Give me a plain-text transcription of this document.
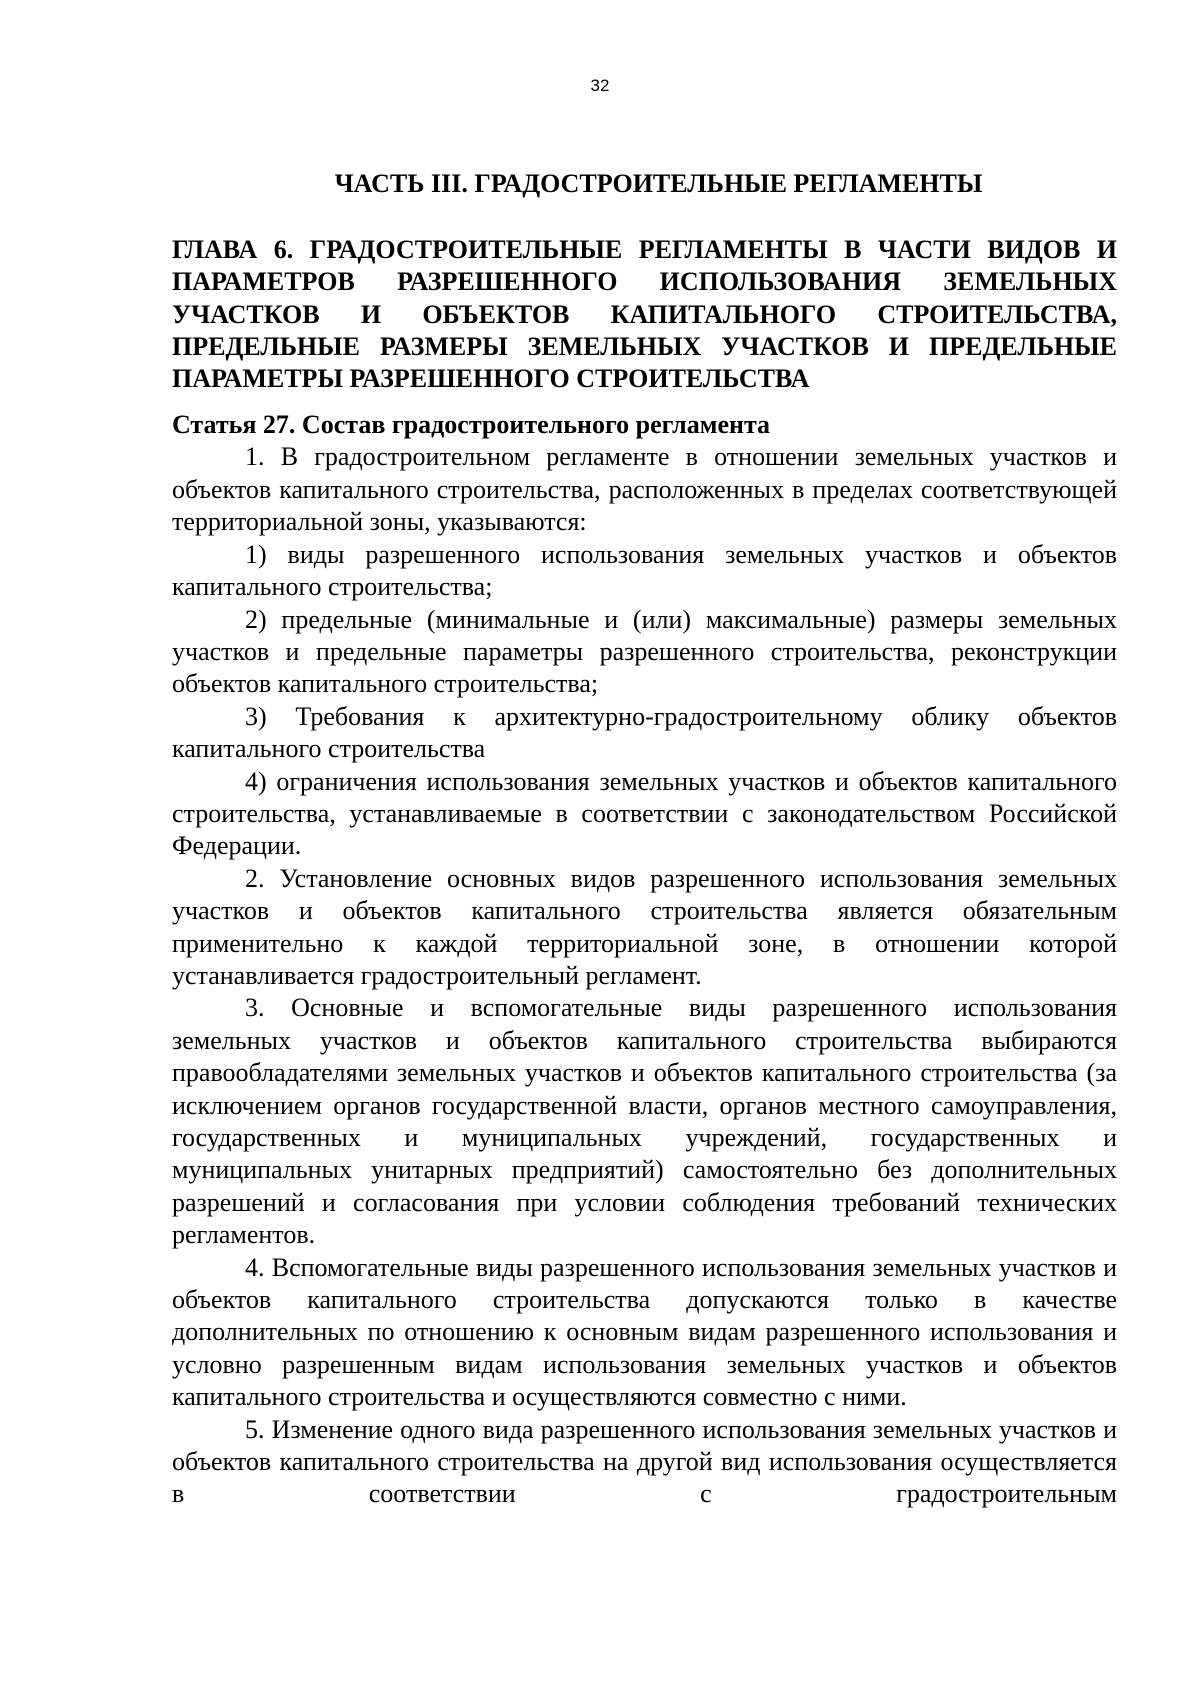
32
ЧАСТЬ III. ГРАДОСТРОИТЕЛЬНЫЕ РЕГЛАМЕНТЫ
ГЛАВА 6. ГРАДОСТРОИТЕЛЬНЫЕ РЕГЛАМЕНТЫ В ЧАСТИ ВИДОВ И ПАРАМЕТРОВ РАЗРЕШЕННОГО ИСПОЛЬЗОВАНИЯ ЗЕМЕЛЬНЫХ УЧАСТКОВ И ОБЪЕКТОВ КАПИТАЛЬНОГО СТРОИТЕЛЬСТВА, ПРЕДЕЛЬНЫЕ РАЗМЕРЫ ЗЕМЕЛЬНЫХ УЧАСТКОВ И ПРЕДЕЛЬНЫЕ ПАРАМЕТРЫ РАЗРЕШЕННОГО СТРОИТЕЛЬСТВА
Статья 27. Состав градостроительного регламента

1. В градостроительном регламенте в отношении земельных участков и объектов капитального строительства, расположенных в пределах соответствующей территориальной зоны, указываются:

1) виды разрешенного использования земельных участков и объектов капитального строительства;

2) предельные (минимальные и (или) максимальные) размеры земельных участков и предельные параметры разрешенного строительства, реконструкции объектов капитального строительства;

3) Требования к архитектурно-градостроительному облику объектов капитального строительства

4) ограничения использования земельных участков и объектов капитального строительства, устанавливаемые в соответствии с законодательством Российской Федерации.

2. Установление основных видов разрешенного использования земельных участков и объектов капитального строительства является обязательным применительно к каждой территориальной зоне, в отношении которой устанавливается градостроительный регламент.

3. Основные и вспомогательные виды разрешенного использования земельных участков и объектов капитального строительства выбираются правообладателями земельных участков и объектов капитального строительства (за исключением органов государственной власти, органов местного самоуправления, государственных и муниципальных учреждений, государственных и муниципальных унитарных предприятий) самостоятельно без дополнительных разрешений и согласования при условии соблюдения требований технических регламентов.

4. Вспомогательные виды разрешенного использования земельных участков и объектов капитального строительства допускаются только в качестве дополнительных по отношению к основным видам разрешенного использования и условно разрешенным видам использования земельных участков и объектов капитального строительства и осуществляются совместно с ними.

5. Изменение одного вида разрешенного использования земельных участков и объектов капитального строительства на другой вид использования осуществляется в соответствии с градостроительным
